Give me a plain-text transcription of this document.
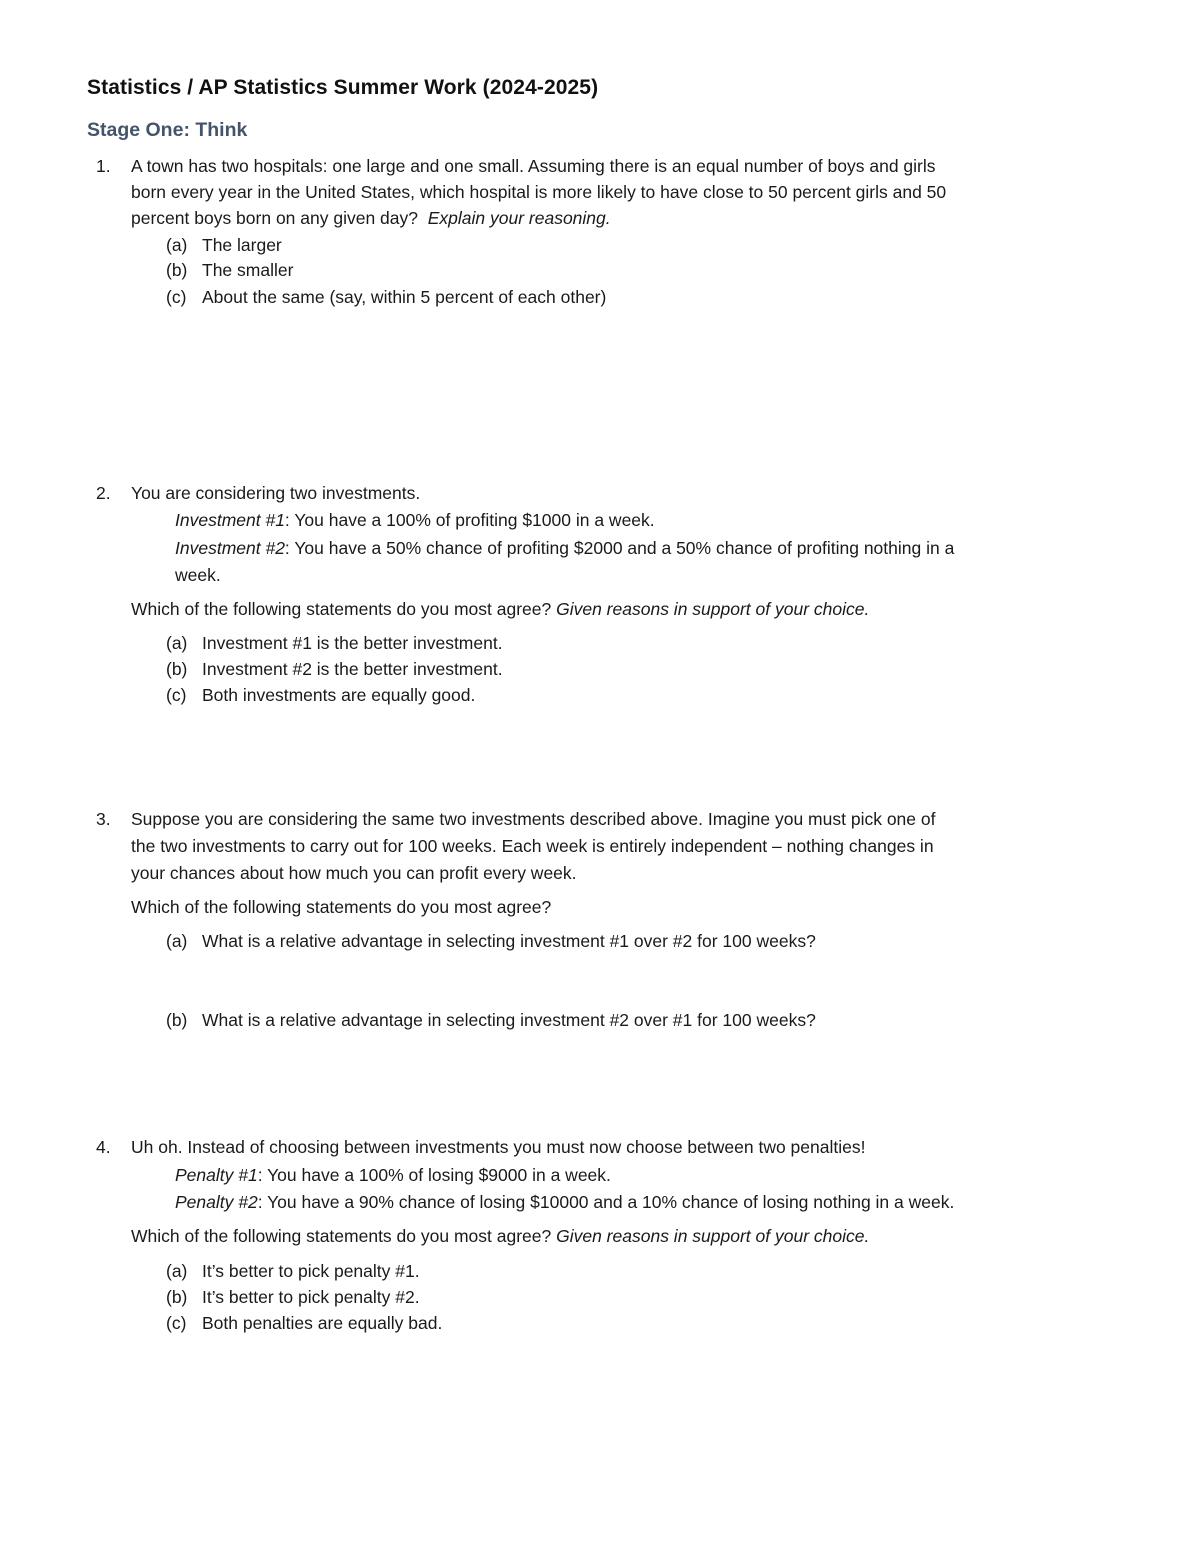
Statistics / AP Statistics Summer Work (2024-2025)
Stage One: Think
1. A town has two hospitals: one large and one small. Assuming there is an equal number of boys and girls
born every year in the United States, which hospital is more likely to have close to 50 percent girls and 50
percent boys born on any given day? Explain your reasoning.
(a) The larger
(b) The smaller
(c) About the same (say, within 5 percent of each other)
2. You are considering two investments.
Investment #1: You have a 100% of profiting $1000 in a week.
Investment #2: You have a 50% chance of profiting $2000 and a 50% chance of profiting nothing in a
week.
Which of the following statements do you most agree? Given reasons in support of your choice.
(a) Investment #1 is the better investment.
(b) Investment #2 is the better investment.
(c) Both investments are equally good.
3. Suppose you are considering the same two investments described above. Imagine you must pick one of
the two investments to carry out for 100 weeks. Each week is entirely independent – nothing changes in
your chances about how much you can profit every week.
Which of the following statements do you most agree?
(a) What is a relative advantage in selecting investment #1 over #2 for 100 weeks?
(b) What is a relative advantage in selecting investment #2 over #1 for 100 weeks?
4. Uh oh. Instead of choosing between investments you must now choose between two penalties!
Penalty #1: You have a 100% of losing $9000 in a week.
Penalty #2: You have a 90% chance of losing $10000 and a 10% chance of losing nothing in a week.
Which of the following statements do you most agree? Given reasons in support of your choice.
(a) It’s better to pick penalty #1.
(b) It’s better to pick penalty #2.
(c) Both penalties are equally bad.
